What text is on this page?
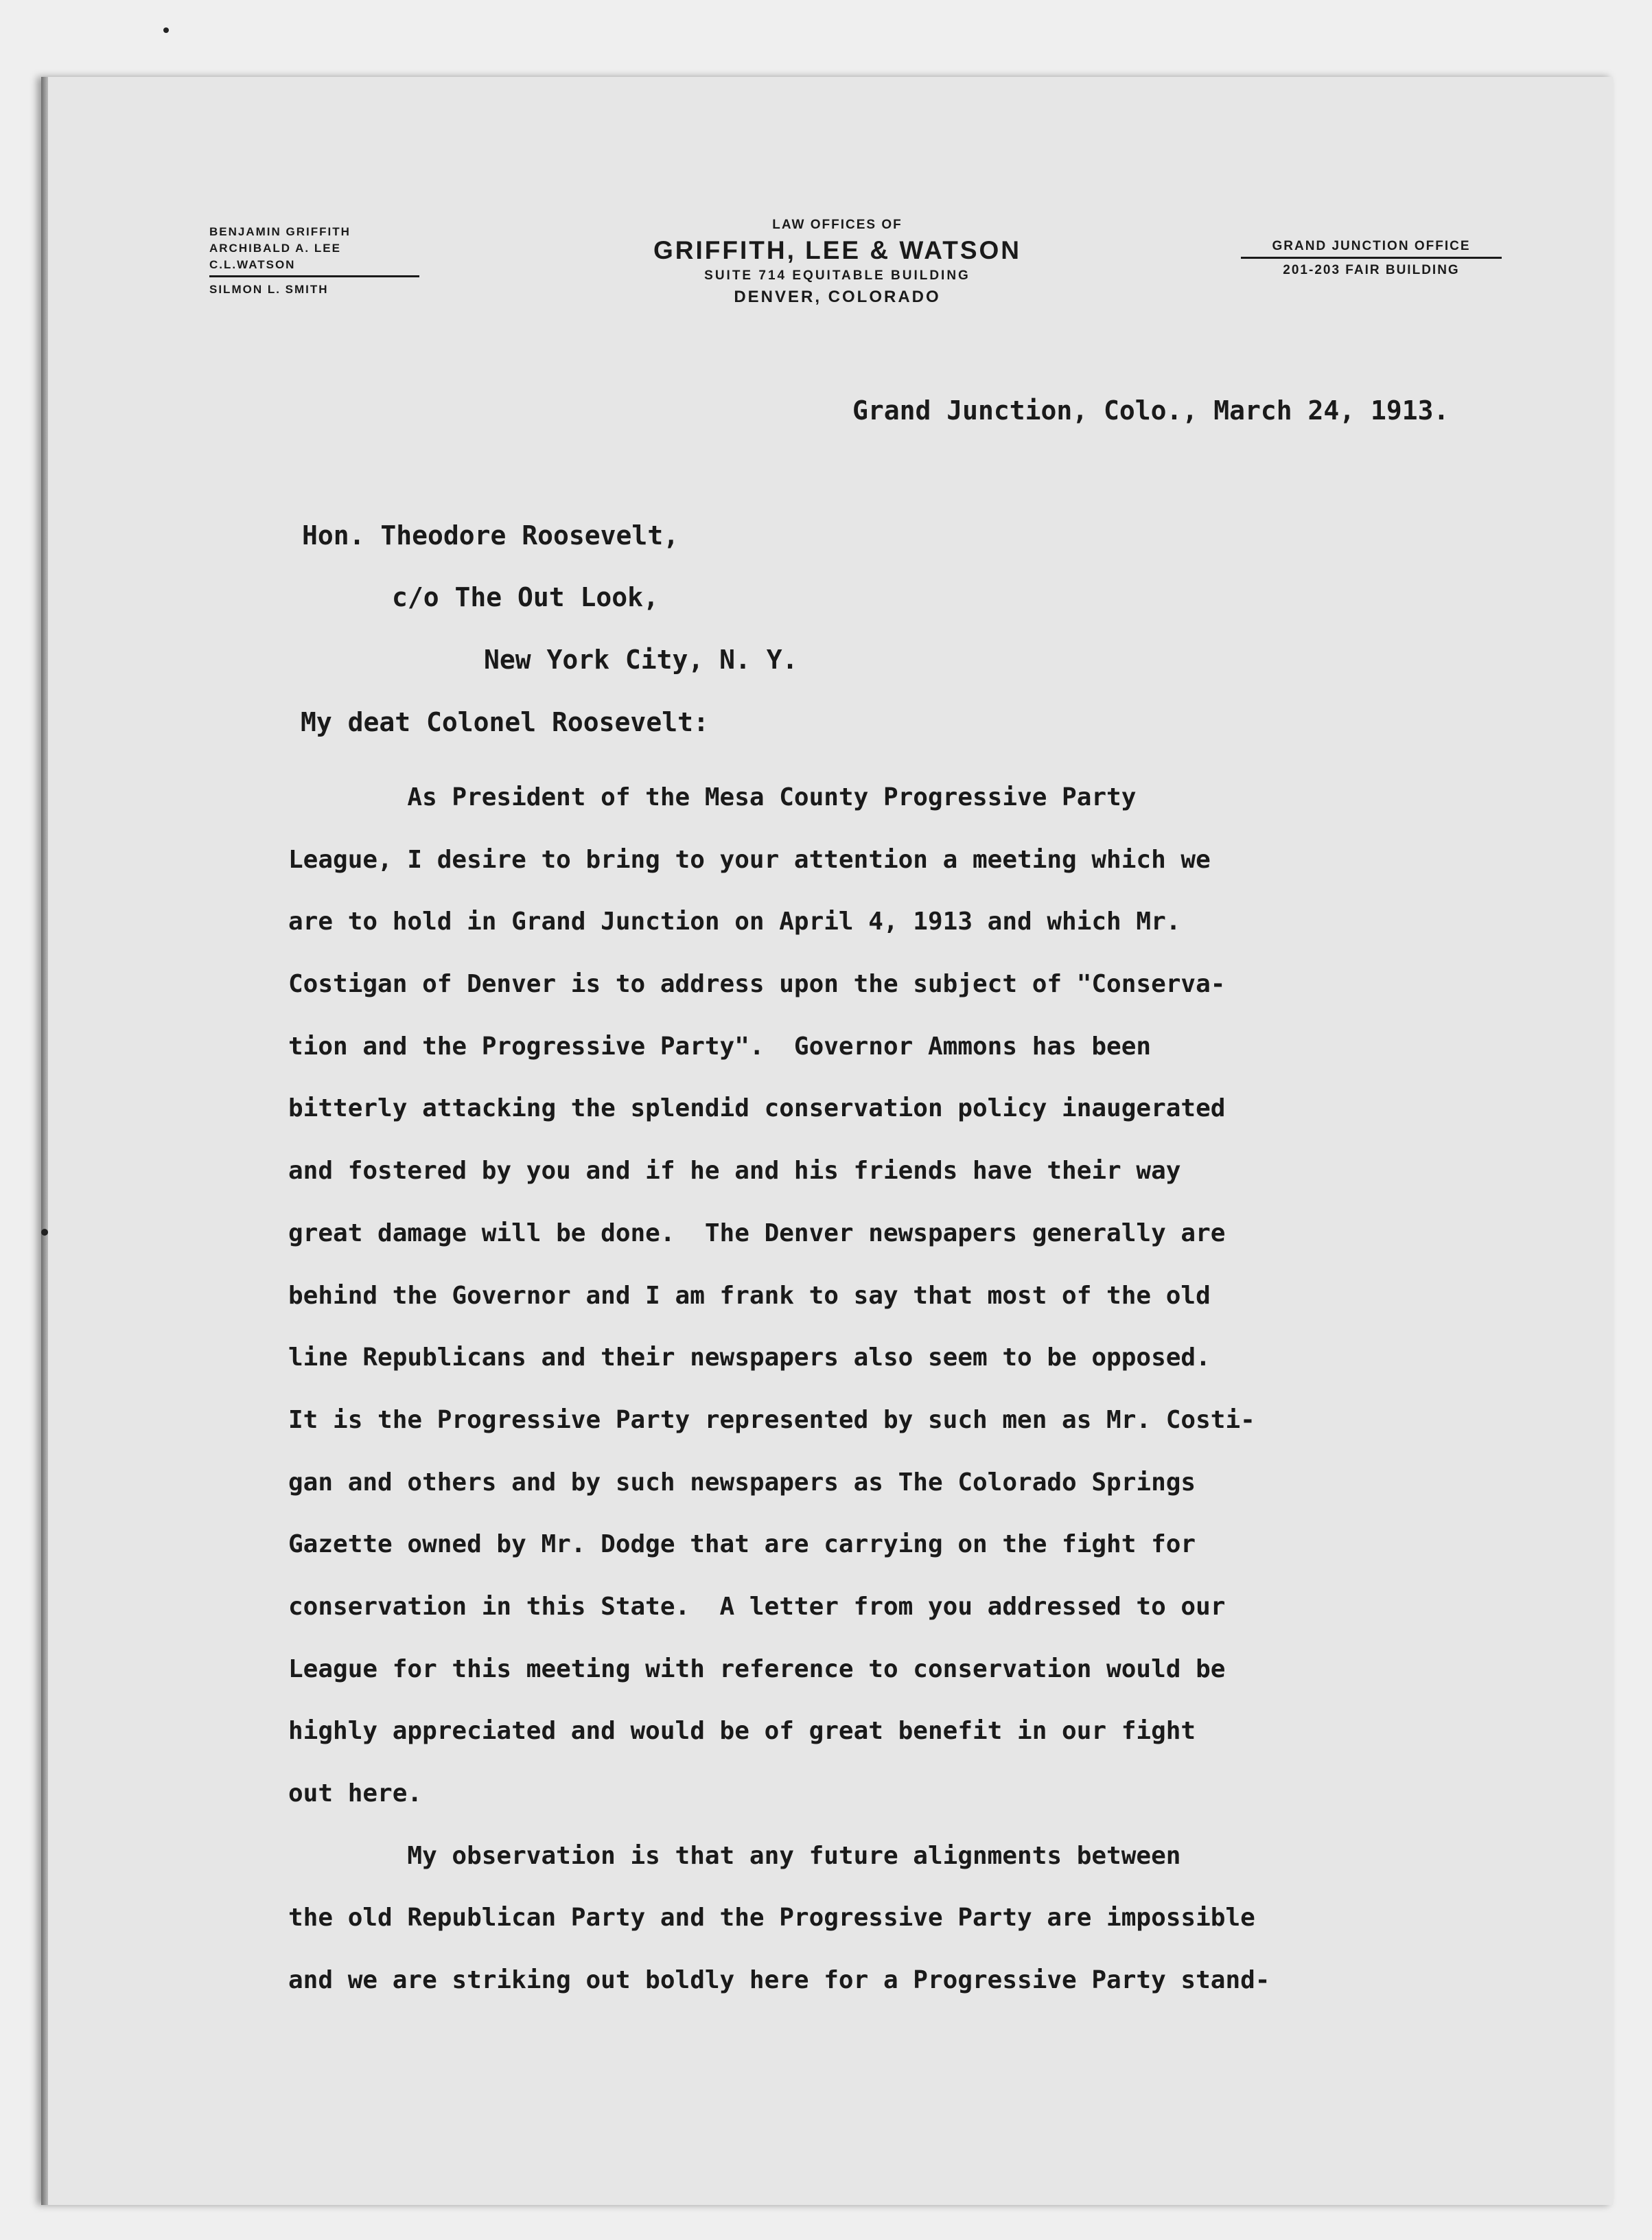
BENJAMIN GRIFFITH
ARCHIBALD A. LEE
C.L.WATSON
SILMON L. SMITH
LAW OFFICES OF
GRIFFITH, LEE & WATSON
SUITE 714 EQUITABLE BUILDING
DENVER, COLORADO
GRAND JUNCTION OFFICE
201-203 FAIR BUILDING
Grand Junction, Colo., March 24, 1913.
Hon. Theodore Roosevelt,
c/o The Out Look,
New York City, N. Y.
My deat Colonel Roosevelt:
As President of the Mesa County Progressive Party
League, I desire to bring to your attention a meeting which we
are to hold in Grand Junction on April 4, 1913 and which Mr.
Costigan of Denver is to address upon the subject of "Conserva-
tion and the Progressive Party".  Governor Ammons has been
bitterly attacking the splendid conservation policy inaugerated
and fostered by you and if he and his friends have their way
great damage will be done.  The Denver newspapers generally are
behind the Governor and I am frank to say that most of the old
line Republicans and their newspapers also seem to be opposed.
It is the Progressive Party represented by such men as Mr. Costi-
gan and others and by such newspapers as The Colorado Springs
Gazette owned by Mr. Dodge that are carrying on the fight for
conservation in this State.  A letter from you addressed to our
League for this meeting with reference to conservation would be
highly appreciated and would be of great benefit in our fight
out here.
My observation is that any future alignments between
the old Republican Party and the Progressive Party are impossible
and we are striking out boldly here for a Progressive Party stand-
